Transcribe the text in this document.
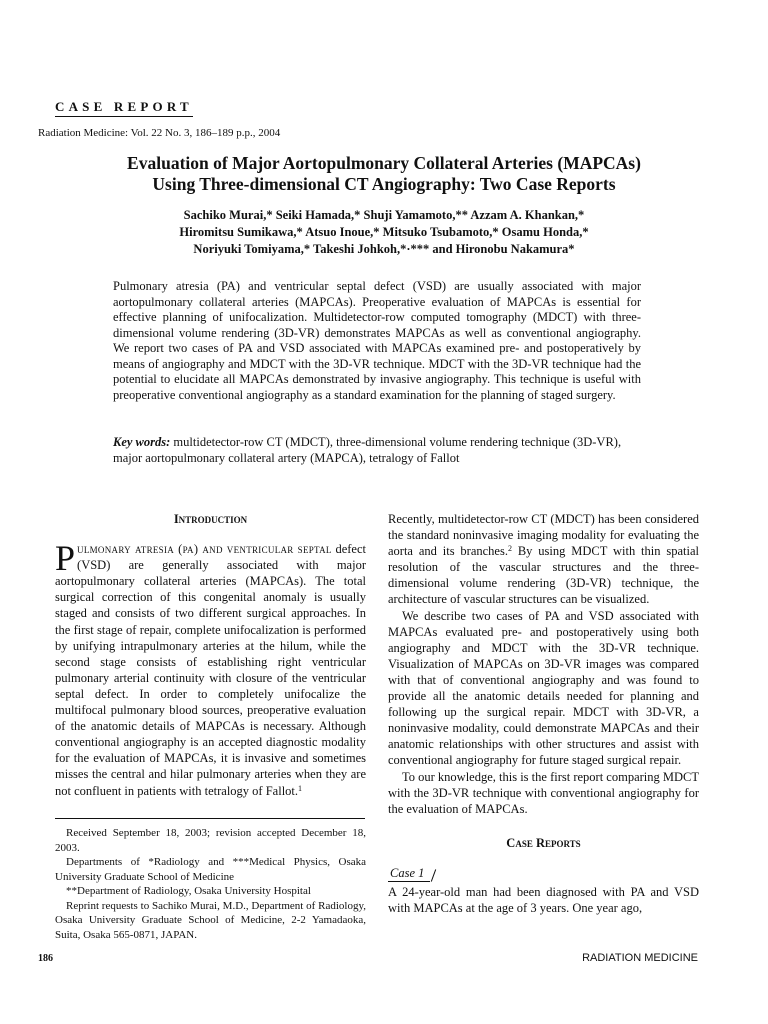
CASE REPORT
Radiation Medicine: Vol. 22 No. 3, 186–189 p.p., 2004
Evaluation of Major Aortopulmonary Collateral Arteries (MAPCAs)
Using Three-dimensional CT Angiography: Two Case Reports
Sachiko Murai,* Seiki Hamada,* Shuji Yamamoto,** Azzam A. Khankan,*
Hiromitsu Sumikawa,* Atsuo Inoue,* Mitsuko Tsubamoto,* Osamu Honda,*
Noriyuki Tomiyama,* Takeshi Johkoh,*·*** and Hironobu Nakamura*
Pulmonary atresia (PA) and ventricular septal defect (VSD) are usually associated with major aortopulmonary collateral arteries (MAPCAs). Preoperative evaluation of MAPCAs is essential for effective planning of unifocalization. Multidetector-row computed tomography (MDCT) with three-dimensional volume rendering (3D-VR) demonstrates MAPCAs as well as conventional angiography. We report two cases of PA and VSD associated with MAPCAs examined pre- and postoperatively by means of angiography and MDCT with the 3D-VR technique. MDCT with the 3D-VR technique had the potential to elucidate all MAPCAs demonstrated by invasive angiography. This technique is useful with preoperative conventional angiography as a standard examination for the planning of staged surgery.
Key words: multidetector-row CT (MDCT), three-dimensional volume rendering technique (3D-VR), major aortopulmonary collateral artery (MAPCA), tetralogy of Fallot
Introduction

Pulmonary atresia (pa) and ventricular septal defect (VSD) are generally associated with major aortopulmonary collateral arteries (MAPCAs). The total surgical correction of this congenital anomaly is usually staged and consists of two different surgical approaches. In the first stage of repair, complete unifocalization is performed by unifying intrapulmonary arteries at the hilum, while the second stage consists of establishing right ventricular pulmonary arterial continuity with closure of the ventricular septal defect. In order to completely unifocalize the multifocal pulmonary blood sources, preoperative evaluation of the anatomic details of MAPCAs is necessary. Although conventional angiography is an accepted diagnostic modality for the evaluation of MAPCAs, it is invasive and sometimes misses the central and hilar pulmonary arteries when they are not confluent in patients with tetralogy of Fallot.$^1$

Received September 18, 2003; revision accepted December 18, 2003.
Departments of *Radiology and ***Medical Physics, Osaka University Graduate School of Medicine
**Department of Radiology, Osaka University Hospital
Reprint requests to Sachiko Murai, M.D., Department of Radiology, Osaka University Graduate School of Medicine, 2-2 Yamadaoka, Suita, Osaka 565-0871, JAPAN.

Recently, multidetector-row CT (MDCT) has been considered the standard noninvasive imaging modality for evaluating the aorta and its branches.$^2$ By using MDCT with thin spatial resolution of the vascular structures and the three-dimensional volume rendering (3D-VR) technique, the architecture of vascular structures can be visualized.

We describe two cases of PA and VSD associated with MAPCAs evaluated pre- and postoperatively using both angiography and MDCT with the 3D-VR technique. Visualization of MAPCAs on 3D-VR images was compared with that of conventional angiography and was found to provide all the anatomic details needed for planning and following up the surgical repair. MDCT with 3D-VR, a noninvasive modality, could demonstrate MAPCAs and their anatomic relationships with other structures and assist with conventional angiography for future staged surgical repair.

To our knowledge, this is the first report comparing MDCT with the 3D-VR technique with conventional angiography for the evaluation of MAPCAs.

Case Reports
Case 1

A 24-year-old man had been diagnosed with PA and VSD with MAPCAs at the age of 3 years. One year ago,

186	RADIATION MEDICINE
